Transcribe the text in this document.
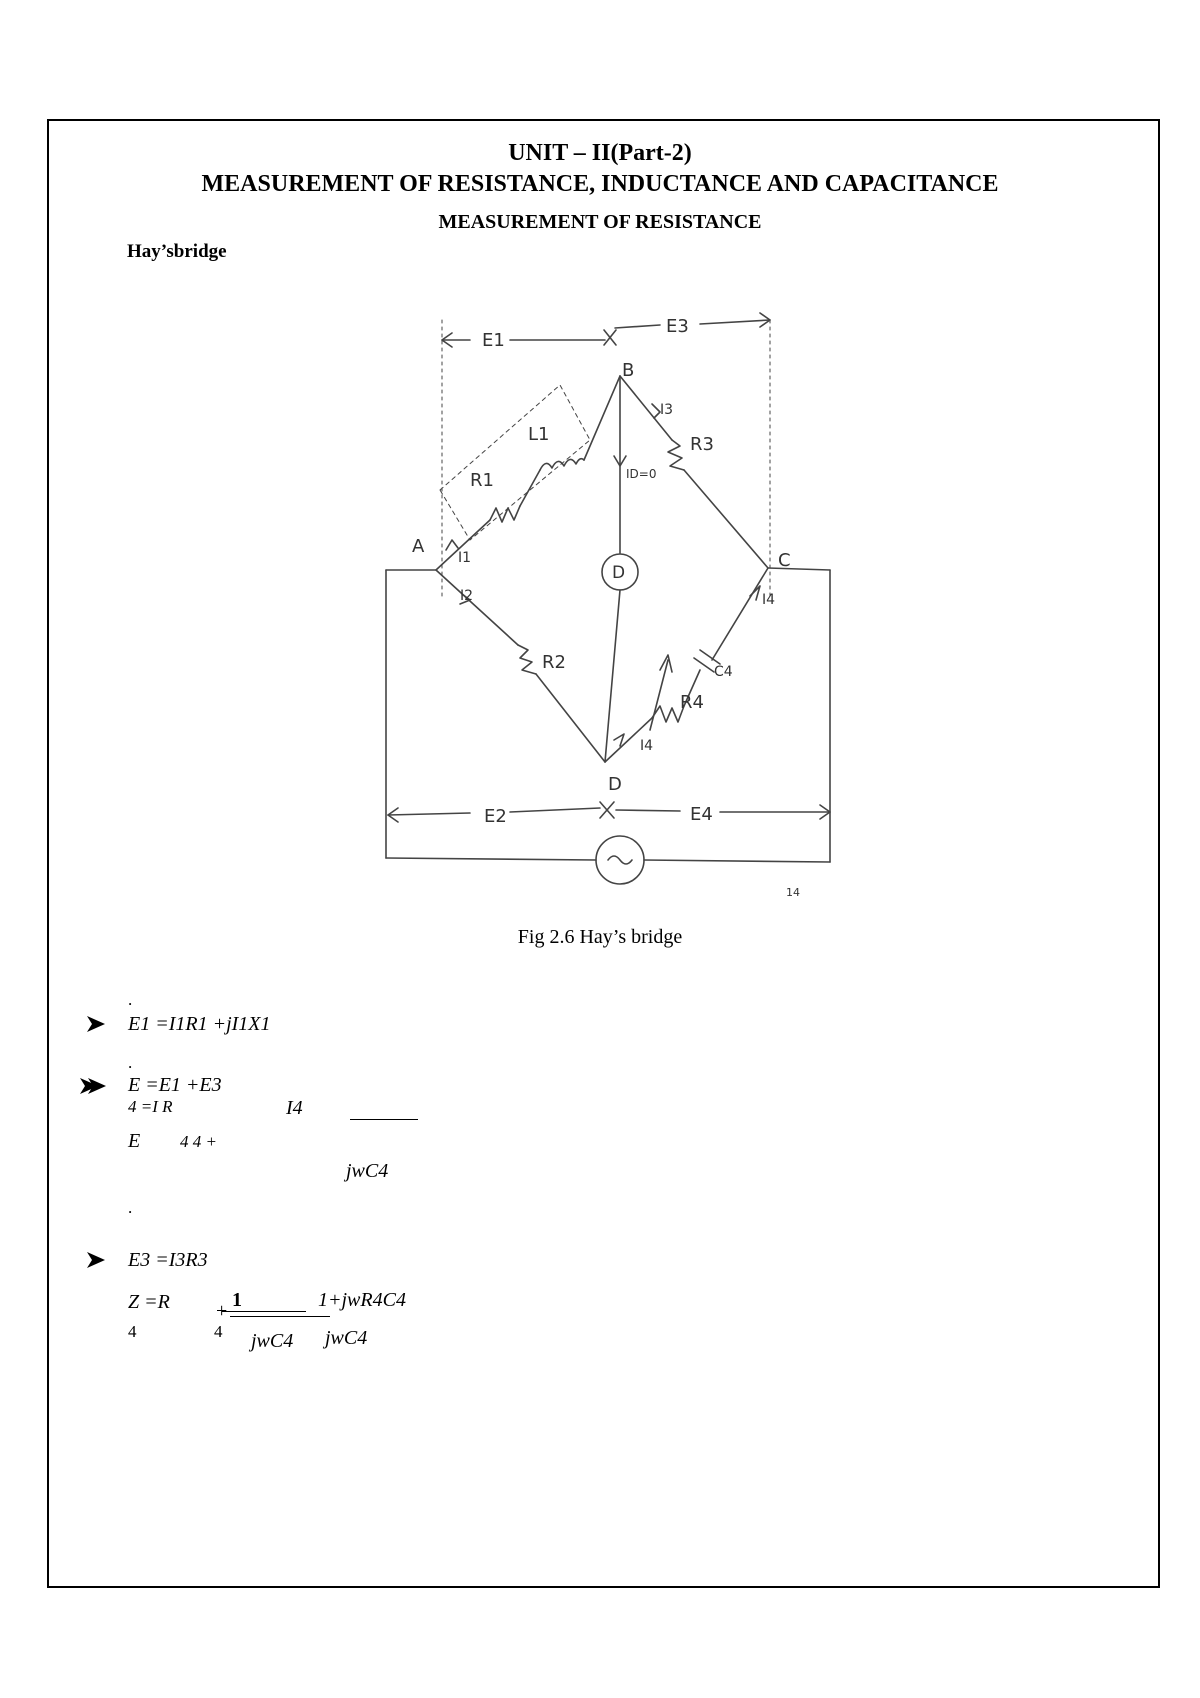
UNIT – II(Part-2)
MEASUREMENT OF RESISTANCE, INDUCTANCE AND CAPACITANCE
MEASUREMENT OF RESISTANCE
Hay’sbridge
A
B
C
D
E1
E3
E2	E4
R1
L1	R3
R2
R4
C4
D
I1
I2
I3
I4
I4
ID=0
14
Fig 2.6 Hay’s bridge
.
E1 =I1R1 +jI1X1
.
E =E1 +E3
4 =I R	I4
E 4 4 +
jwC4
.
E3 =I3R3
Z =R
4
+
4
1	1+jwR4C4
jwC4 jwC4
